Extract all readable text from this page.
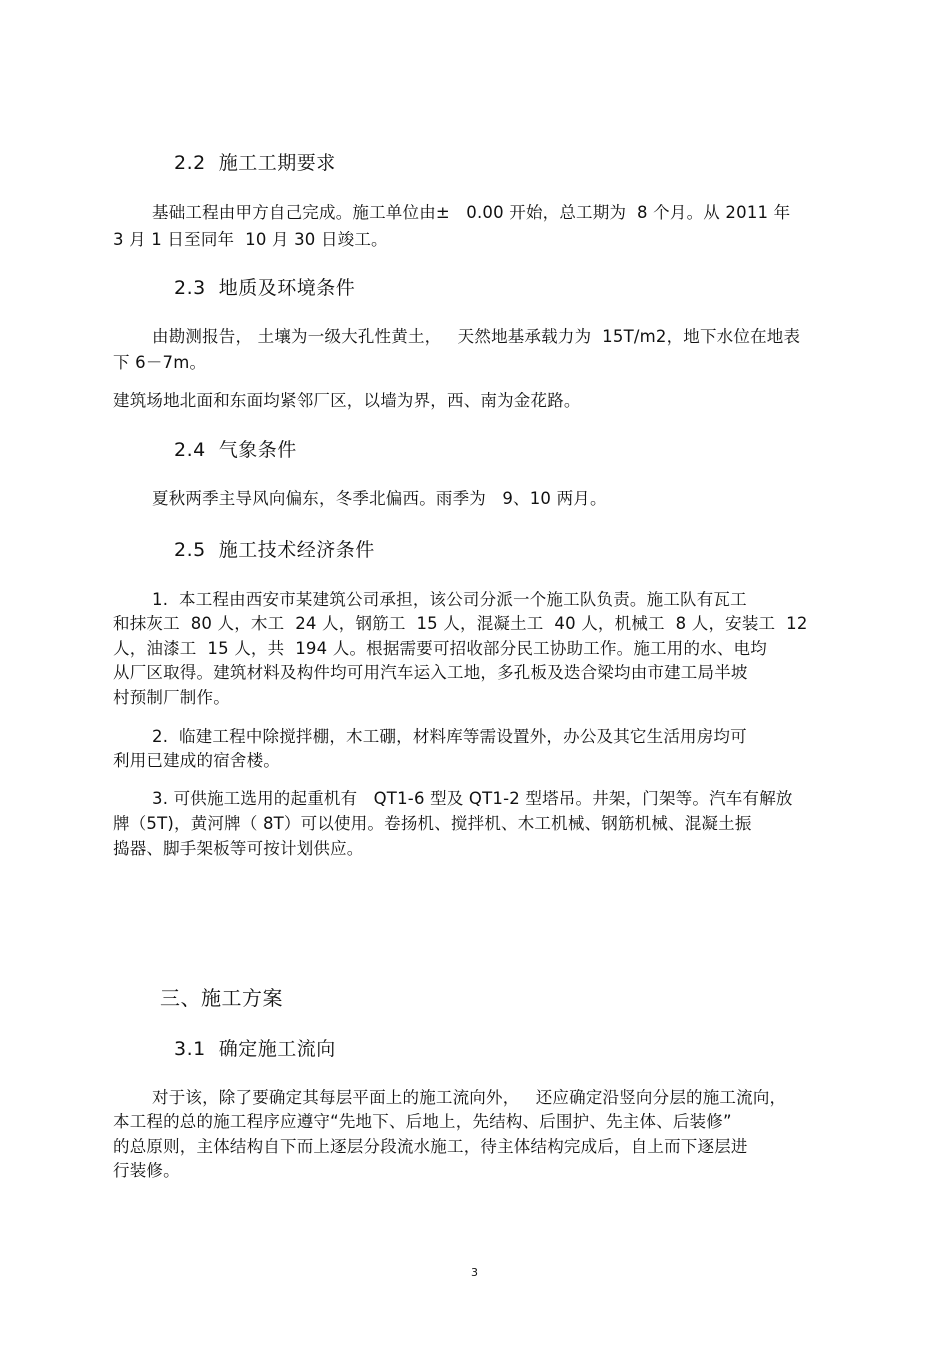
2.2  施工工期要求
基础工程由甲方自己完成。施工单位由±   0.00 开始，总工期为  8 个月。从 2011 年
3 月 1 日至同年  10 月 30 日竣工。
2.3  地质及环境条件
由勘测报告， 土壤为一级大孔性黄土，   天然地基承载力为  15T/m2，地下水位在地表
下 6－7m。
建筑场地北面和东面均紧邻厂区，以墙为界，西、南为金花路。
2.4  气象条件
夏秋两季主导风向偏东，冬季北偏西。雨季为   9、10 两月。
2.5  施工技术经济条件
1.  本工程由西安市某建筑公司承担，该公司分派一个施工队负责。施工队有瓦工
和抹灰工  80 人，木工  24 人，钢筋工  15 人，混凝土工  40 人，机械工  8 人，安装工  12
人，油漆工  15 人，共  194 人。根据需要可招收部分民工协助工作。施工用的水、电均
从厂区取得。建筑材料及构件均可用汽车运入工地，多孔板及迭合梁均由市建工局半坡
村预制厂制作。
2.  临建工程中除搅拌棚，木工硼，材料库等需设置外，办公及其它生活用房均可
利用已建成的宿舍楼。
3. 可供施工选用的起重机有   QT1-6 型及 QT1-2 型塔吊。井架，门架等。汽车有解放
牌（5T)，黄河牌（ 8T）可以使用。卷扬机、搅拌机、木工机械、钢筋机械、混凝土振
捣器、脚手架板等可按计划供应。
三、施工方案
3.1  确定施工流向
对于该，除了要确定其每层平面上的施工流向外，   还应确定沿竖向分层的施工流向，
本工程的总的施工程序应遵守“先地下、后地上，先结构、后围护、先主体、后装修”
的总原则，主体结构自下而上逐层分段流水施工，待主体结构完成后，自上而下逐层进
行装修。
3
